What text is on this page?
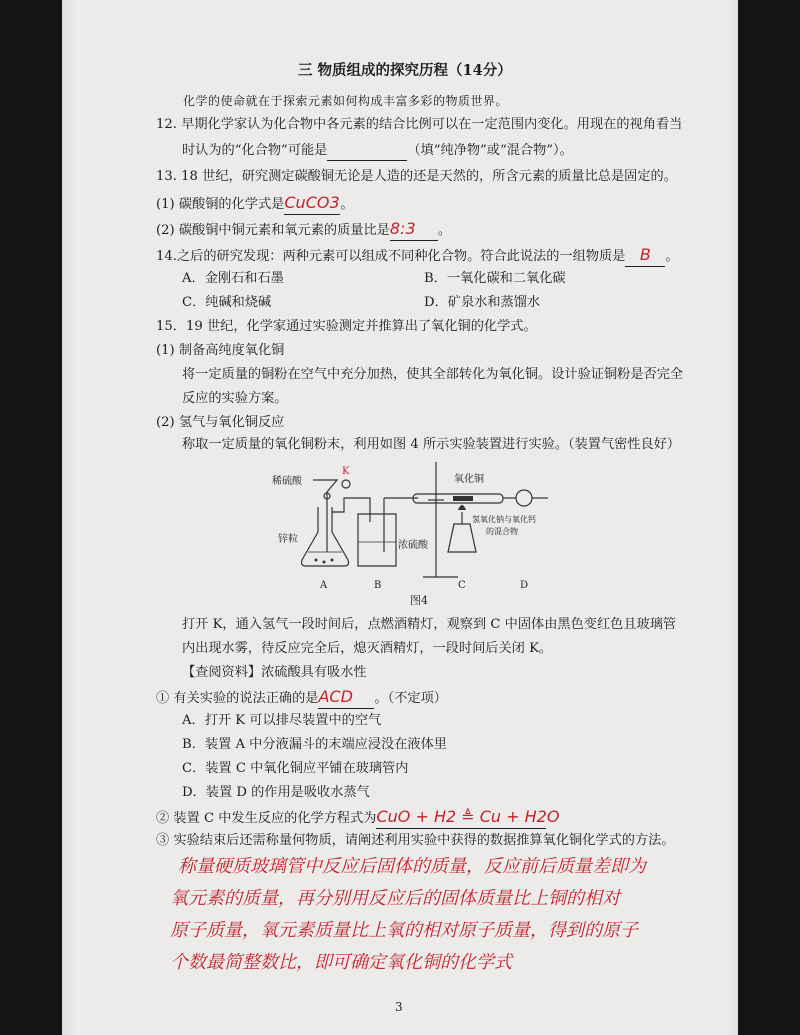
三 物质组成的探究历程（14分）
化学的使命就在于探索元素如何构成丰富多彩的物质世界。
12. 早期化学家认为化合物中各元素的结合比例可以在一定范围内变化。用现在的视角看当
时认为的“化合物”可能是	（填“纯净物”或“混合物”）。
13. 18 世纪，研究测定碳酸铜无论是人造的还是天然的，所含元素的质量比总是固定的。
(1) 碳酸铜的化学式是CuCO3。
(2) 碳酸铜中铜元素和氧元素的质量比是8:3 。
14.之后的研究发现：两种元素可以组成不同种化合物。符合此说法的一组物质是 B 。
A．金刚石和石墨	B．一氧化碳和二氧化碳
C．纯碱和烧碱	D．矿泉水和蒸馏水
15．19 世纪，化学家通过实验测定并推算出了氧化铜的化学式。
(1) 制备高纯度氧化铜
将一定质量的铜粉在空气中充分加热，使其全部转化为氧化铜。设计验证铜粉是否完全
反应的实验方案。
(2) 氢气与氧化铜反应
称取一定质量的氧化铜粉末，利用如图 4 所示实验装置进行实验。（装置气密性良好）
稀硫酸
锌粒
浓硫酸
氧化铜
氢氧化钠与氧化钙
的混合物
K
A	B	C	D
图4
打开 K，通入氢气一段时间后，点燃酒精灯，观察到 C 中固体由黑色变红色且玻璃管
内出现水雾，待反应完全后，熄灭酒精灯，一段时间后关闭 K。
【查阅资料】浓硫酸具有吸水性
① 有关实验的说法正确的是ACD 。（不定项）
A．打开 K 可以排尽装置中的空气
B．装置 A 中分液漏斗的末端应浸没在液体里
C．装置 C 中氧化铜应平铺在玻璃管内
D．装置 D 的作用是吸收水蒸气
② 装置 C 中发生反应的化学方程式为CuO + H2 ≜ Cu + H2O
③ 实验结束后还需称量何物质，请阐述利用实验中获得的数据推算氧化铜化学式的方法。
称量硬质玻璃管中反应后固体的质量，反应前后质量差即为
氧元素的质量，再分别用反应后的固体质量比上铜的相对
原子质量，氧元素质量比上氧的相对原子质量，得到的原子
个数最简整数比，即可确定氧化铜的化学式
3
